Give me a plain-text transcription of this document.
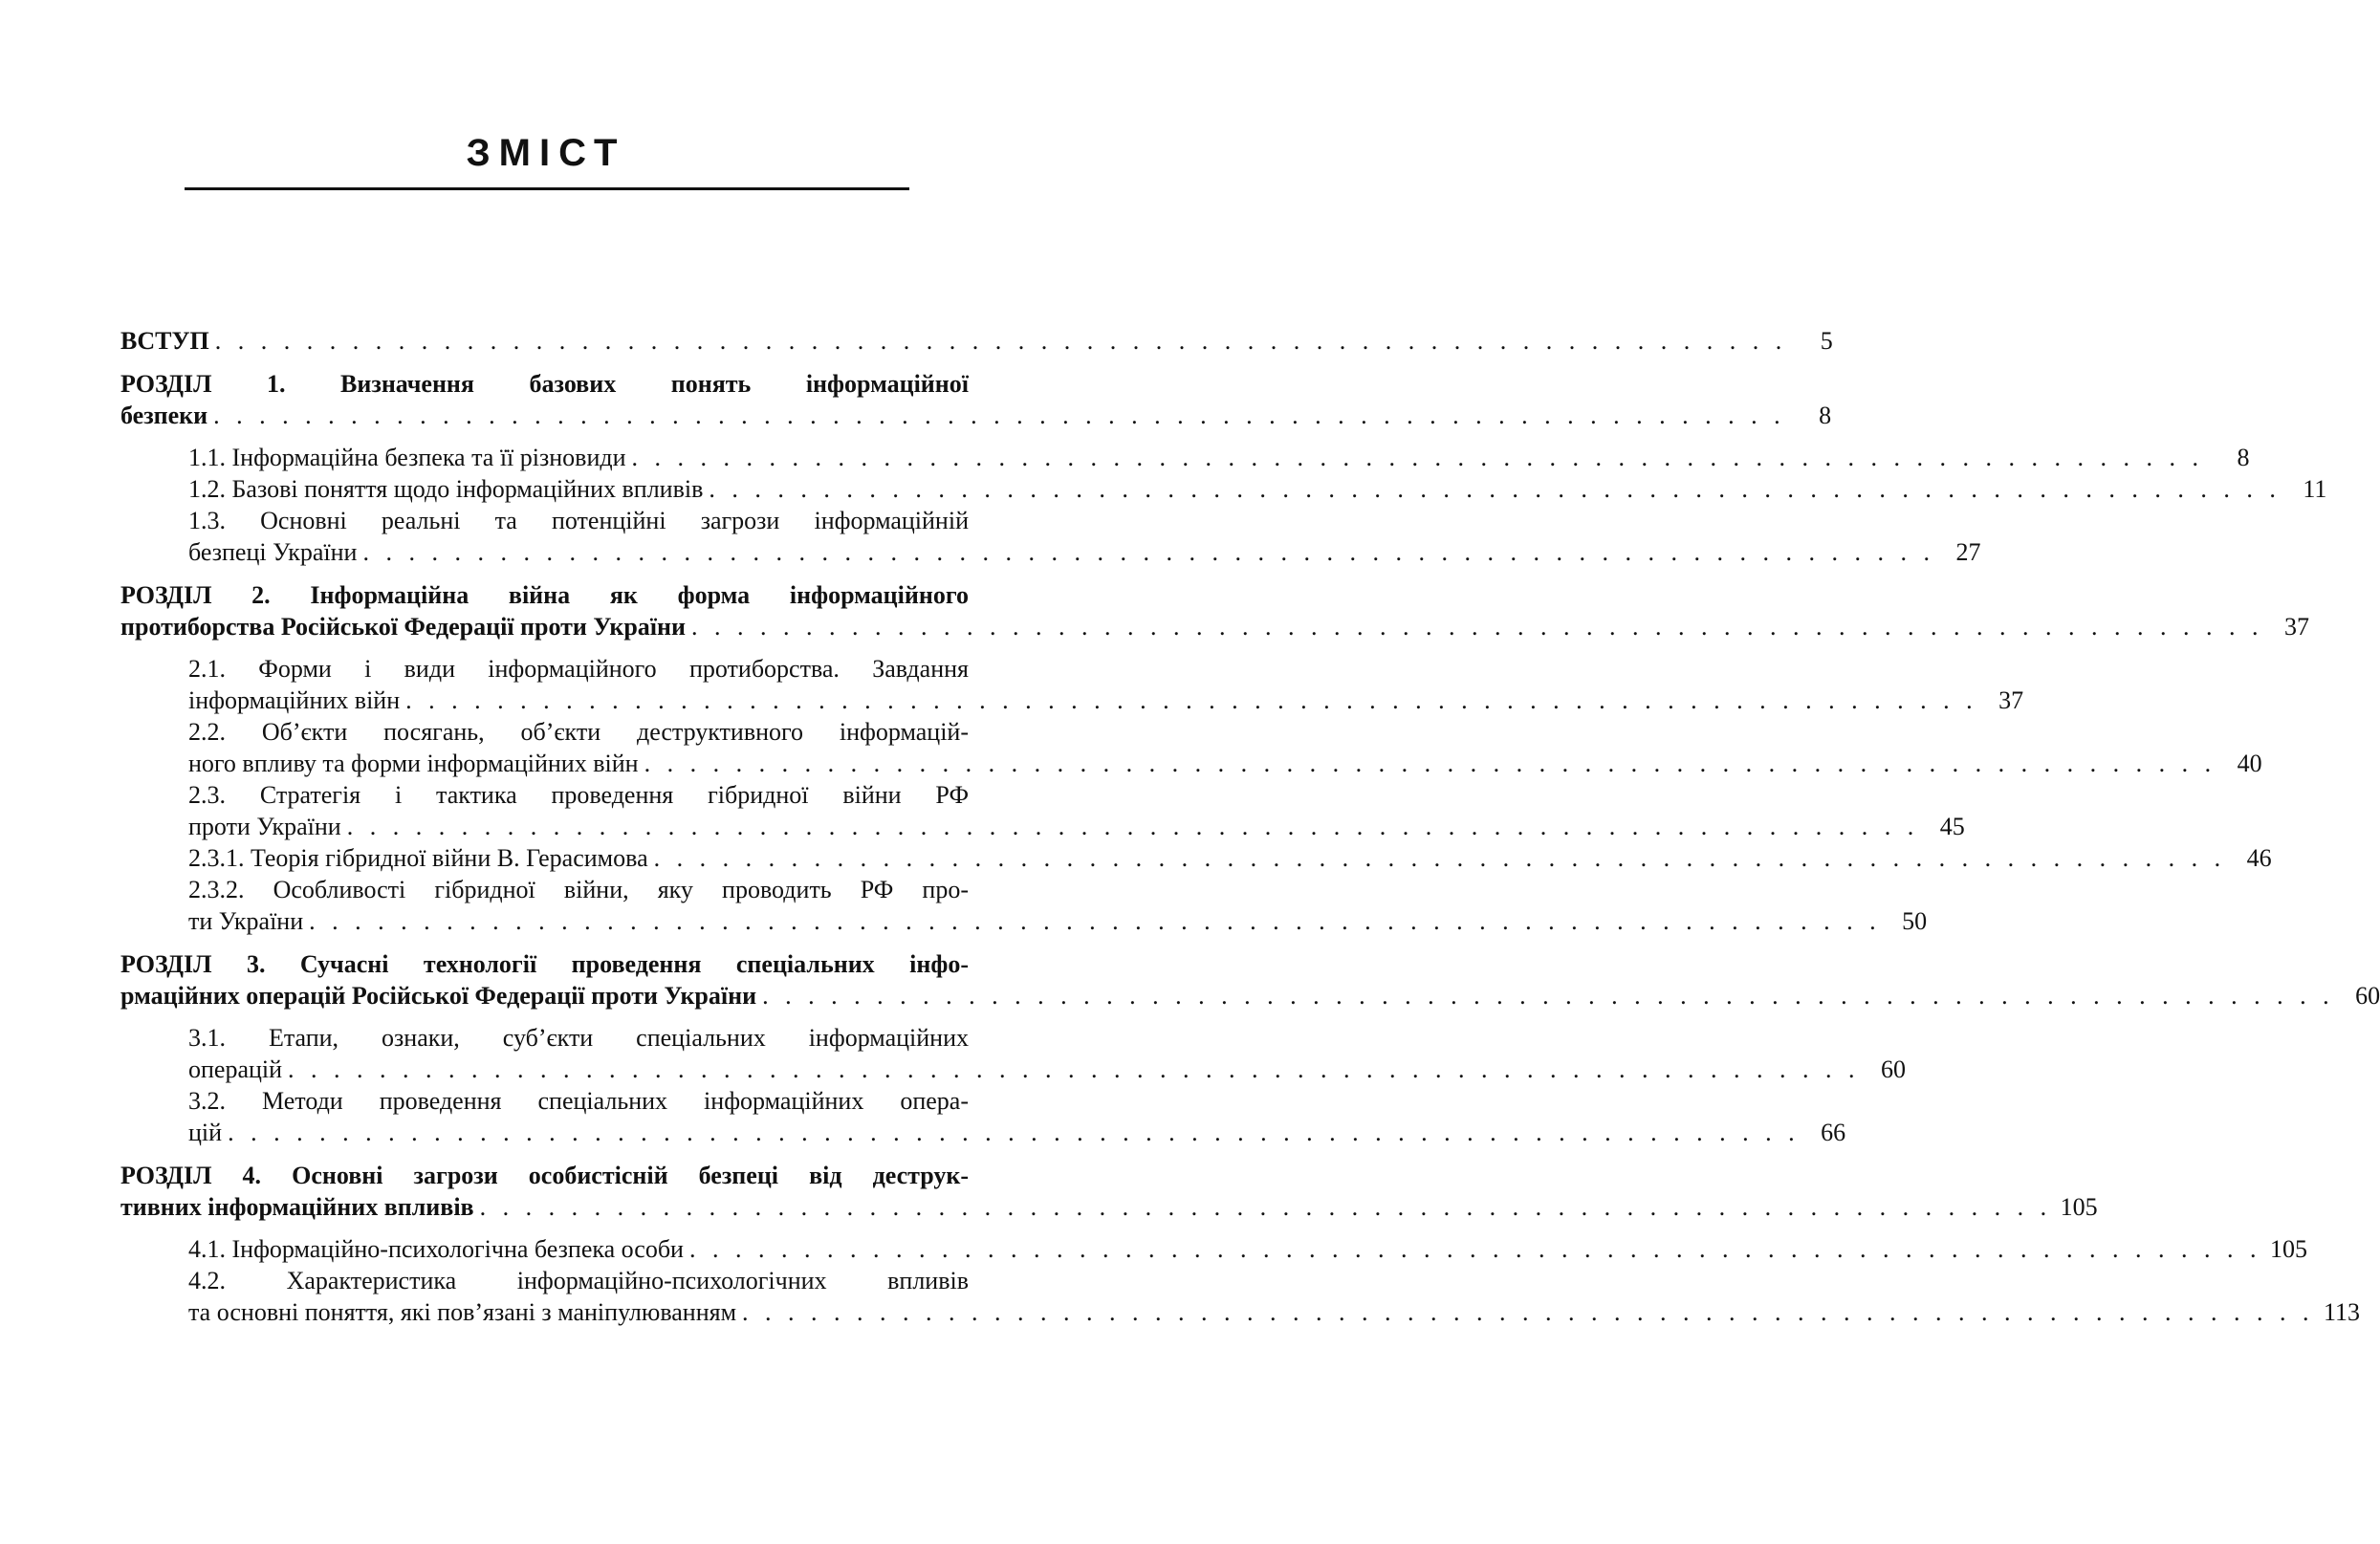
ЗМІСТ
ВСТУП . . . . . . . . . . . . . . . . . . . . . . . . . . . . . . . . . . . . . . . . . . . . . . . . . . . . . . . . . . . . . . . . . . . . .	5
РОЗДІЛ 1. Визначення базових понять інформаційної
безпеки . . . . . . . . . . . . . . . . . . . . . . . . . . . . . . . . . . . . . . . . . . . . . . . . . . . . . . . . . . . . . . . . . . . . .	8
1.1. Інформаційна безпека та її різновиди . . . . . . . . . . . . . . . . . . . . . . . . . . . . . . . . . . . . . . . . . . . . . . . . . . . . . . . . . . . . . . . . . . . . .	8
1.2. Базові поняття щодо інформаційних впливів . . . . . . . . . . . . . . . . . . . . . . . . . . . . . . . . . . . . . . . . . . . . . . . . . . . . . . . . . . . . . . . . . . . . . 11
1.3. Основні реальні та потенційні загрози інформаційній
безпеці України . . . . . . . . . . . . . . . . . . . . . . . . . . . . . . . . . . . . . . . . . . . . . . . . . . . . . . . . . . . . . . . . . . . . . 27
РОЗДІЛ 2. Інформаційна війна як форма інформаційного
протиборства Російської Федерації проти України . . . . . . . . . . . . . . . . . . . . . . . . . . . . . . . . . . . . . . . . . . . . . . . . . . . . . . . . . . . . . . . . . . . . . 37
2.1. Форми і види інформаційного протиборства. Завдання
інформаційних війн . . . . . . . . . . . . . . . . . . . . . . . . . . . . . . . . . . . . . . . . . . . . . . . . . . . . . . . . . . . . . . . . . . . . . 37
2.2. Об’єкти посягань, об’єкти деструктивного інформацій-
ного впливу та форми інформаційних війн . . . . . . . . . . . . . . . . . . . . . . . . . . . . . . . . . . . . . . . . . . . . . . . . . . . . . . . . . . . . . . . . . . . . . 40
2.3. Стратегія і тактика проведення гібридної війни РФ
проти України . . . . . . . . . . . . . . . . . . . . . . . . . . . . . . . . . . . . . . . . . . . . . . . . . . . . . . . . . . . . . . . . . . . . . 45
2.3.1. Теорія гібридної війни В. Герасимова . . . . . . . . . . . . . . . . . . . . . . . . . . . . . . . . . . . . . . . . . . . . . . . . . . . . . . . . . . . . . . . . . . . . . 46
2.3.2. Особливості гібридної війни, яку проводить РФ про-
ти України . . . . . . . . . . . . . . . . . . . . . . . . . . . . . . . . . . . . . . . . . . . . . . . . . . . . . . . . . . . . . . . . . . . . . 50
РОЗДІЛ 3. Сучасні технології проведення спеціальних інфо-
рмаційних операцій Російської Федерації проти України . . . . . . . . . . . . . . . . . . . . . . . . . . . . . . . . . . . . . . . . . . . . . . . . . . . . . . . . . . . . . . . . . . . . . 60
3.1. Етапи, ознаки, суб’єкти спеціальних інформаційних
операцій . . . . . . . . . . . . . . . . . . . . . . . . . . . . . . . . . . . . . . . . . . . . . . . . . . . . . . . . . . . . . . . . . . . . . 60
3.2. Методи проведення спеціальних інформаційних опера-
цій . . . . . . . . . . . . . . . . . . . . . . . . . . . . . . . . . . . . . . . . . . . . . . . . . . . . . . . . . . . . . . . . . . . . . 66
РОЗДІЛ 4. Основні загрози особистісній безпеці від деструк-
тивних інформаційних впливів . . . . . . . . . . . . . . . . . . . . . . . . . . . . . . . . . . . . . . . . . . . . . . . . . . . . . . . . . . . . . . . . . . . . . 105
4.1. Інформаційно-психологічна безпека особи . . . . . . . . . . . . . . . . . . . . . . . . . . . . . . . . . . . . . . . . . . . . . . . . . . . . . . . . . . . . . . . . . . . . . 105
4.2. Характеристика інформаційно-психологічних впливів
та основні поняття, які пов’язані з маніпулюванням . . . . . . . . . . . . . . . . . . . . . . . . . . . . . . . . . . . . . . . . . . . . . . . . . . . . . . . . . . . . . . . . . . . . . 113
